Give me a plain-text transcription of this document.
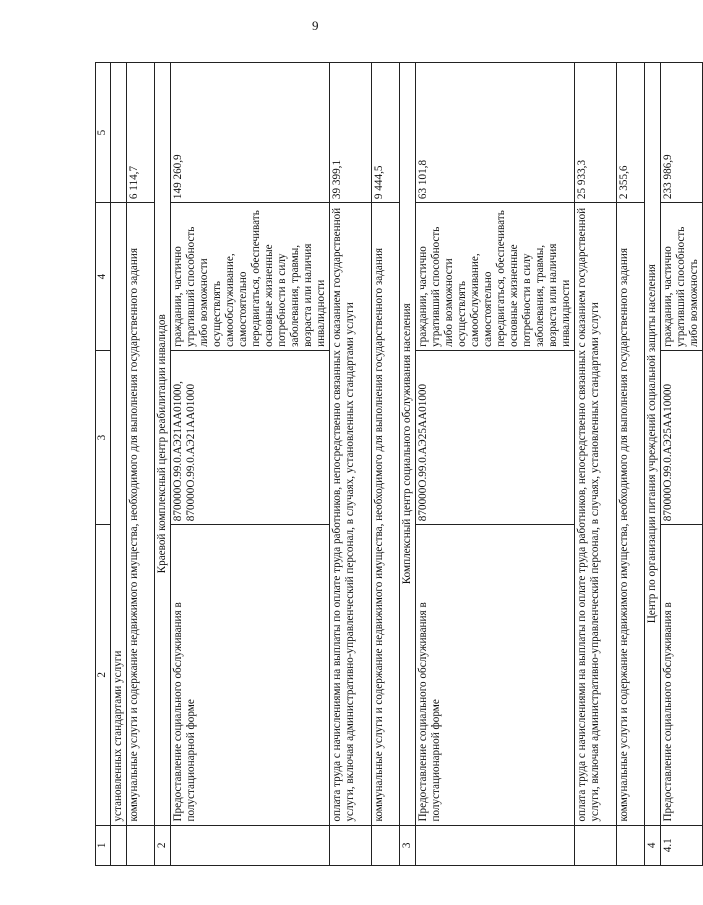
9
1	2	3	4	5
	установленных стандартами услуги			
	коммунальные услуги и содержание недвижимого имущества, необходимого для выполнения государственного задания			6 114,7
2	Краевой комплексный центр реабилитации инвалидов			
	Предоставление социального обслуживания в полустационарной форме	870000О.99.0.АЭ21АА01000, 870000О.99.0.АЭ21АА01000	граждании, частично утративший способность либо возможности осуществлять самообслуживание, самостоятельно передвигаться, обеспечивать основные жизненные потребности в силу заболевания, травмы, возраста или наличия инвалидности	149 260,9
	оплата труда с начислениями на выплаты по оплате труда работников, непосредственно связанных с оказанием государственной услуги, включая административно-управленческий персонал, в случаях, установленных стандартами услуги			39 399,1
	коммунальные услуги и содержание недвижимого имущества, необходимого для выполнения государственного задания			9 444,5
3	Комплексный центр социального обслуживания населения			
	Предоставление социального обслуживания в полустационарной форме	870000О.99.0.АЭ25АА01000	граждании, частично утративший способность либо возможности осуществлять самообслуживание, самостоятельно передвигаться, обеспечивать основные жизненные потребности в силу заболевания, травмы, возраста или наличия инвалидности	63 101,8
	оплата труда с начислениями на выплаты по оплате труда работников, непосредственно связанных с оказанием государственной услуги, включая административно-управленческий персонал, в случаях, установленных стандартами услуги			25 933,3
	коммунальные услуги и содержание недвижимого имущества, необходимого для выполнения государственного задания			2 355,6
4	Центр по организации питания учреждений социальной защиты населения			
4.1	Предоставление социального обслуживания в	870000О.99.0.АЭ25АА10000	граждании, частично утративший способность либо возможность	233 986,9
